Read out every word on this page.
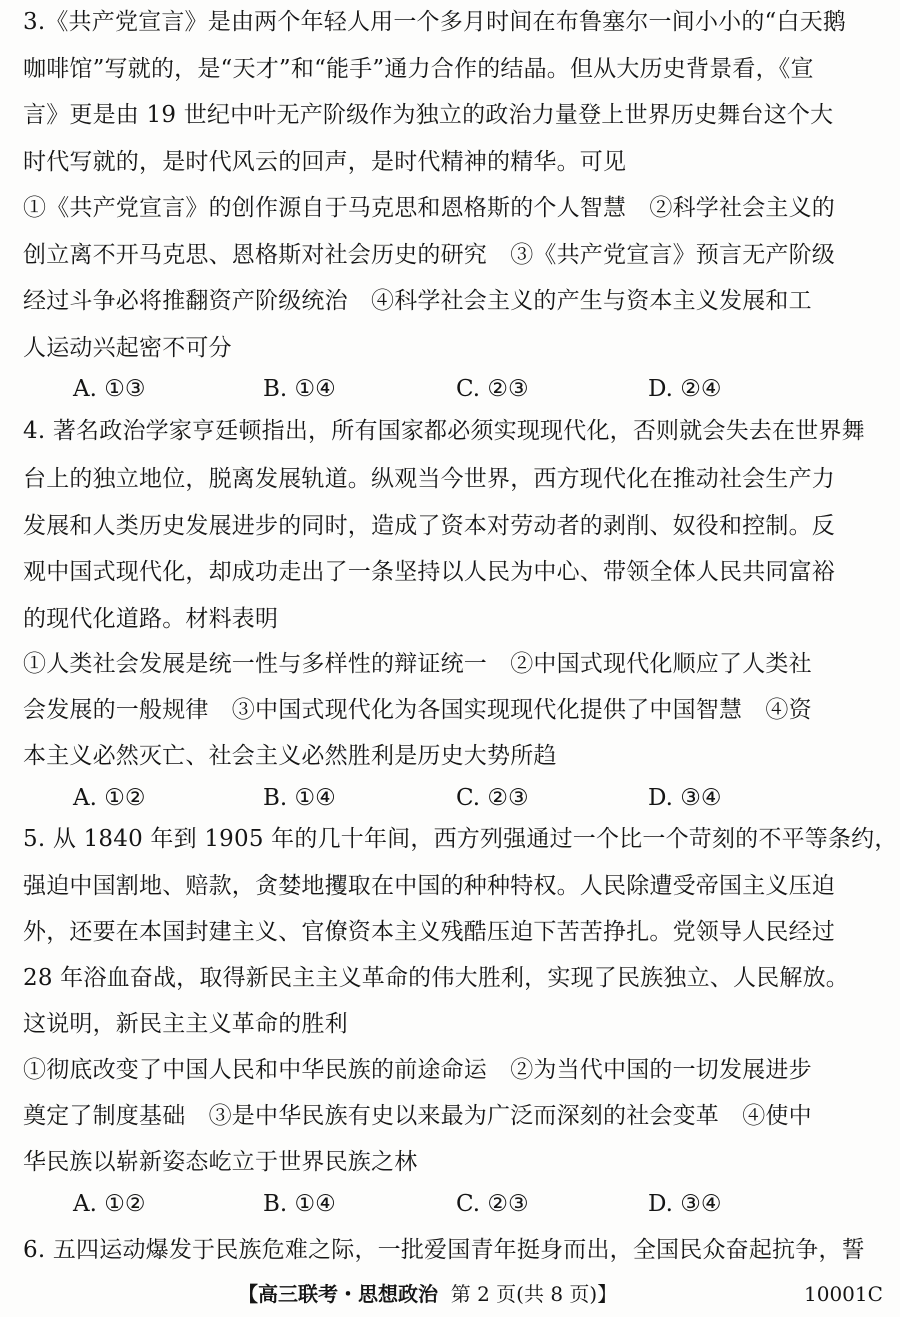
3.《共产党宣言》是由两个年轻人用一个多月时间在布鲁塞尔一间小小的“白天鹅
咖啡馆”写就的，是“天才”和“能手”通力合作的结晶。但从大历史背景看，《宣
言》更是由 19 世纪中叶无产阶级作为独立的政治力量登上世界历史舞台这个大
时代写就的，是时代风云的回声，是时代精神的精华。可见
①《共产党宣言》的创作源自于马克思和恩格斯的个人智慧　②科学社会主义的
创立离不开马克思、恩格斯对社会历史的研究　③《共产党宣言》预言无产阶级
经过斗争必将推翻资产阶级统治　④科学社会主义的产生与资本主义发展和工
人运动兴起密不可分
A. ①③	B. ①④	C. ②③	D. ②④
4. 著名政治学家亨廷顿指出，所有国家都必须实现现代化，否则就会失去在世界舞
台上的独立地位，脱离发展轨道。纵观当今世界，西方现代化在推动社会生产力
发展和人类历史发展进步的同时，造成了资本对劳动者的剥削、奴役和控制。反
观中国式现代化，却成功走出了一条坚持以人民为中心、带领全体人民共同富裕
的现代化道路。材料表明
①人类社会发展是统一性与多样性的辩证统一　②中国式现代化顺应了人类社
会发展的一般规律　③中国式现代化为各国实现现代化提供了中国智慧　④资
本主义必然灭亡、社会主义必然胜利是历史大势所趋
A. ①②	B. ①④	C. ②③	D. ③④
5. 从 1840 年到 1905 年的几十年间，西方列强通过一个比一个苛刻的不平等条约，
强迫中国割地、赔款，贪婪地攫取在中国的种种特权。人民除遭受帝国主义压迫
外，还要在本国封建主义、官僚资本主义残酷压迫下苦苦挣扎。党领导人民经过
28 年浴血奋战，取得新民主主义革命的伟大胜利，实现了民族独立、人民解放。
这说明，新民主主义革命的胜利
①彻底改变了中国人民和中华民族的前途命运　②为当代中国的一切发展进步
奠定了制度基础　③是中华民族有史以来最为广泛而深刻的社会变革　④使中
华民族以崭新姿态屹立于世界民族之林
A. ①②	B. ①④	C. ②③	D. ③④
6. 五四运动爆发于民族危难之际，一批爱国青年挺身而出，全国民众奋起抗争，誓
【高三联考・思想政治 第 2 页(共 8 页)】	10001C
